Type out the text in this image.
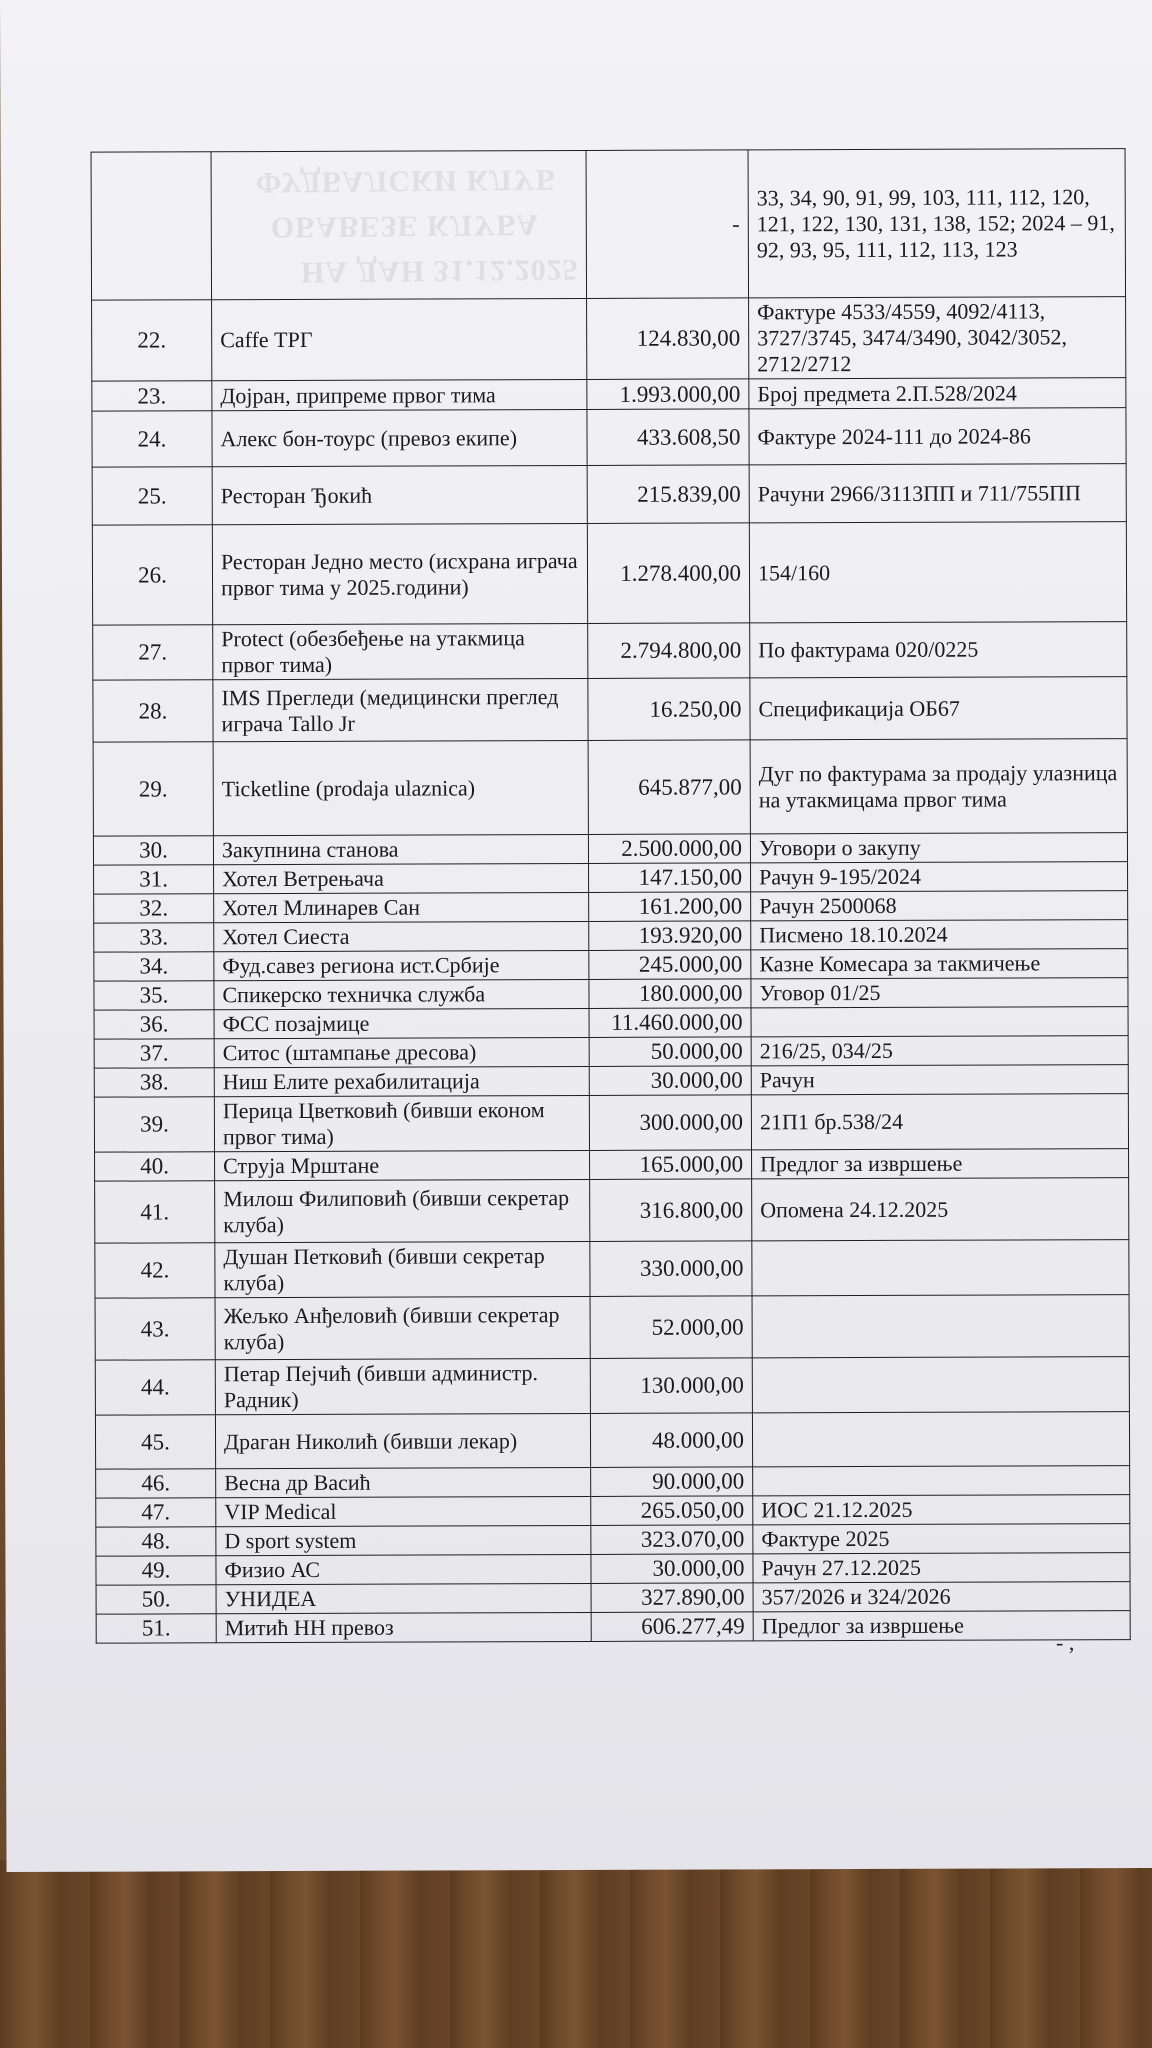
ФУДБАЛСКИ КЛУБ
ОБАВЕЗЕ КЛУБА
НА ДАН 31.12.2025
		-	33, 34, 90, 91, 99, 103, 111, 112, 120, 121, 122, 130, 131, 138, 152; 2024 – 91, 92, 93, 95, 111, 112, 113, 123
22.	Caffe ТРГ	124.830,00	Фактуре 4533/4559, 4092/4113, 3727/3745, 3474/3490, 3042/3052, 2712/2712
23.	Дојран, припреме првог тима	1.993.000,00	Број предмета 2.П.528/2024
24.	Алекс бон-тоурс (превоз екипе)	433.608,50	Фактуре 2024-111 до 2024-86
25.	Ресторан Ђокић	215.839,00	Рачуни 2966/3113ПП и 711/755ПП
26.	Ресторан Једно место (исхрана играча првог тима у 2025.години)	1.278.400,00	154/160
27.	Protect (обезбеђење на утакмица првог тима)	2.794.800,00	По фактурама 020/0225
28.	IMS Прегледи (медицински преглед играча Tallo Jr	16.250,00	Спецификација ОБ67
29.	Ticketline (prodaja ulaznica)	645.877,00	Дуг по фактурама за продају улазница на утакмицама првог тима
30.	Закупнина станова	2.500.000,00	Уговори о закупу
31.	Хотел Ветрењача	147.150,00	Рачун 9-195/2024
32.	Хотел Млинарев Сан	161.200,00	Рачун 2500068
33.	Хотел Сиеста	193.920,00	Писмено 18.10.2024
34.	Фуд.савез региона ист.Србије	245.000,00	Казне Комесара за такмичење
35.	Спикерско техничка служба	180.000,00	Уговор 01/25
36.	ФСС позајмице	11.460.000,00	
37.	Ситос (штампање дресова)	50.000,00	216/25, 034/25
38.	Ниш Елите рехабилитација	30.000,00	Рачун
39.	Перица Цветковић (бивши економ првог тима)	300.000,00	21П1 бр.538/24
40.	Струја Мрштане	165.000,00	Предлог за извршење
41.	Милош Филиповић (бивши секретар клуба)	316.800,00	Опомена 24.12.2025
42.	Душан Петковић (бивши секретар клуба)	330.000,00	
43.	Жељко Анђеловић (бивши секретар клуба)	52.000,00	
44.	Петар Пејчић (бивши администр. Радник)	130.000,00	
45.	Драган Николић (бивши лекар)	48.000,00	
46.	Весна др Васић	90.000,00	
47.	VIP Medical	265.050,00	ИОС 21.12.2025
48.	D sport system	323.070,00	Фактуре 2025
49.	Физио АС	30.000,00	Рачун 27.12.2025
50.	УНИДЕА	327.890,00	357/2026 и 324/2026
51.	Митић НН превоз	606.277,49	Предлог за извршење
- ,
